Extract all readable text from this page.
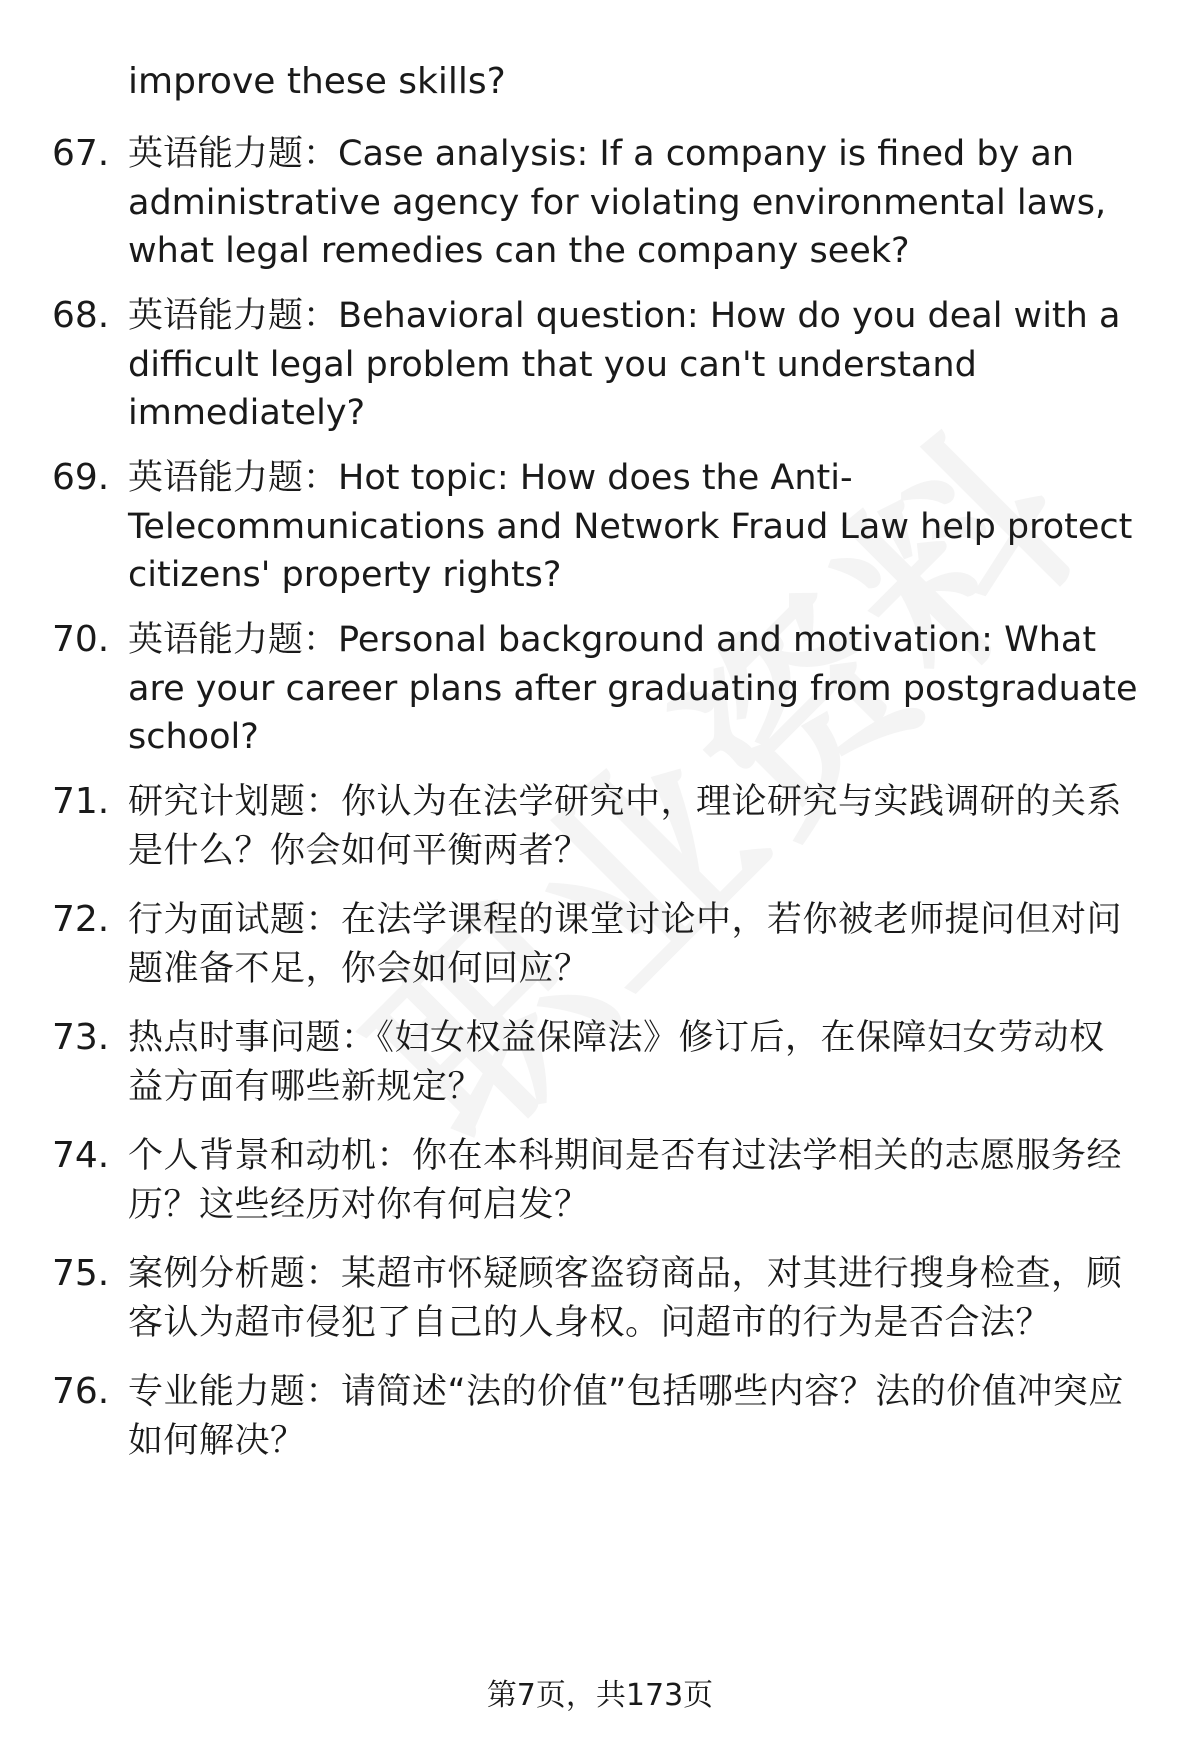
improve these skills?

67. 英语能力题：Case analysis: If a company is fined by an administrative agency for violating environmental laws, what legal remedies can the company seek?

68. 英语能力题：Behavioral question: How do you deal with a difficult legal problem that you can't understand immediately?

69. 英语能力题：Hot topic: How does the Anti-Telecommunications and Network Fraud Law help protect citizens' property rights?

70. 英语能力题：Personal background and motivation: What are your career plans after graduating from postgraduate school?

71. 研究计划题：你认为在法学研究中，理论研究与实践调研的关系是什么？你会如何平衡两者？

72. 行为面试题：在法学课程的课堂讨论中，若你被老师提问但对问题准备不足，你会如何回应？

73. 热点时事问题：《妇女权益保障法》修订后，在保障妇女劳动权益方面有哪些新规定？

74. 个人背景和动机：你在本科期间是否有过法学相关的志愿服务经历？这些经历对你有何启发？

75. 案例分析题：某超市怀疑顾客盗窃商品，对其进行搜身检查，顾客认为超市侵犯了自己的人身权。问超市的行为是否合法？

76. 专业能力题：请简述“法的价值”包括哪些内容？法的价值冲突应如何解决？

第7页，共173页
